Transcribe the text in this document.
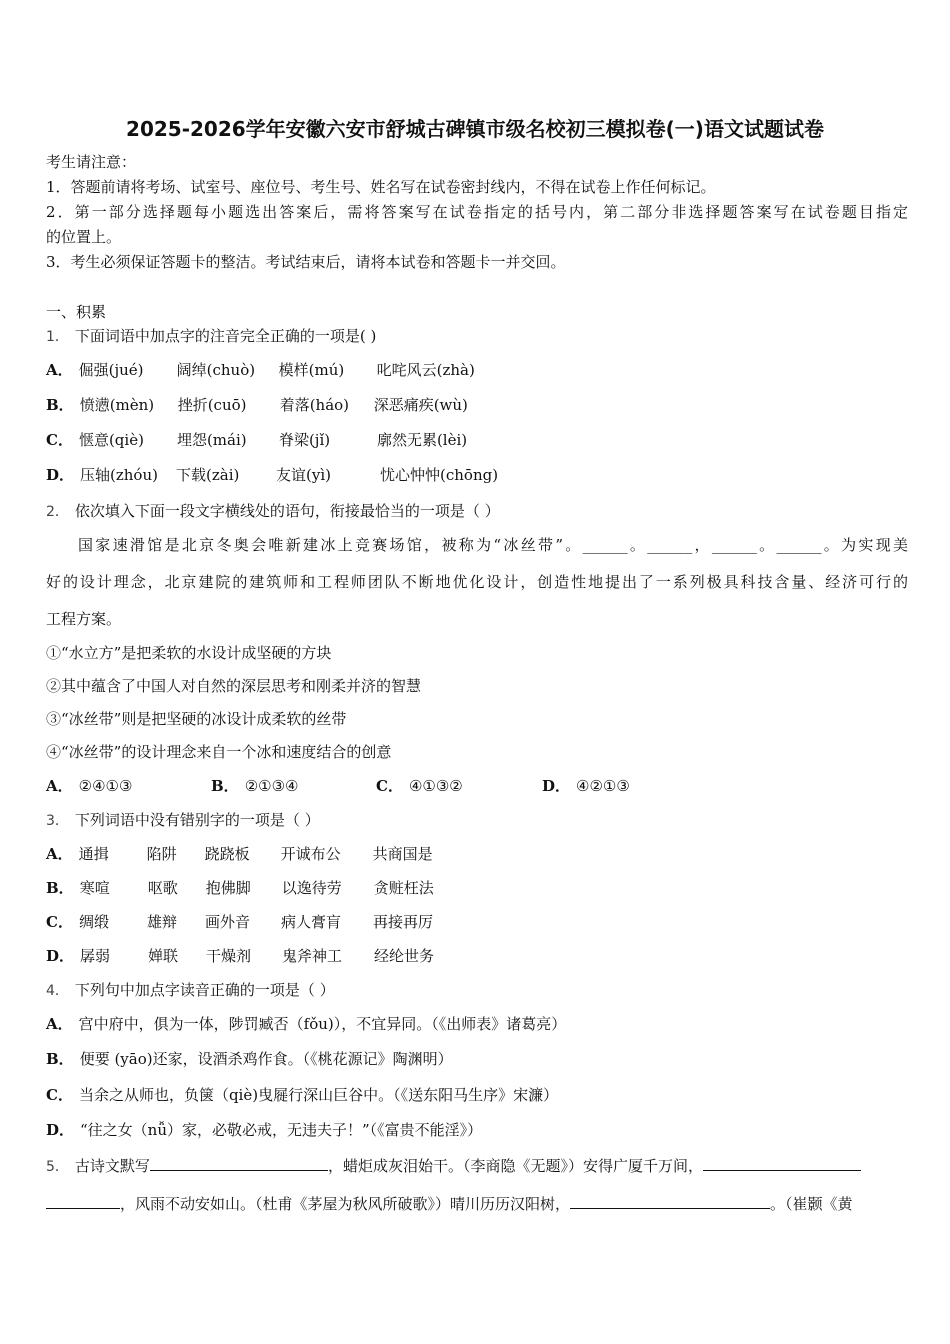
2025-2026学年安徽六安市舒城古碑镇市级名校初三模拟卷(一)语文试题试卷
考生请注意：
1．答题前请将考场、试室号、座位号、考生号、姓名写在试卷密封线内，不得在试卷上作任何标记。
2．第一部分选择题每小题选出答案后，需将答案写在试卷指定的括号内，第二部分非选择题答案写在试卷题目指定
的位置上。
3．考生必须保证答题卡的整洁。考试结束后，请将本试卷和答题卡一并交回。
一、积累
1． 下面词语中加点字的注音完全正确的一项是( )
A． 倔强(jué) 阔绰(chuò) 模样(mú) 叱咤风云(zhà)
B． 愤懑(mèn) 挫折(cuō) 着落(háo) 深恶痛疾(wù)
C． 惬意(qiè) 埋怨(mái) 脊梁(jǐ)	廓然无累(lèi)
D． 压轴(zhóu) 下载(zài) 友谊(yì)	忧心忡忡(chōng)
2． 依次填入下面一段文字横线处的语句，衔接最恰当的一项是（ ）
国家速滑馆是北京冬奥会唯新建冰上竞赛场馆，被称为“冰丝带”。______。______，______。______。为实现美
好的设计理念，北京建院的建筑师和工程师团队不断地优化设计，创造性地提出了一系列极具科技含量、经济可行的
工程方案。
①“水立方”是把柔软的水设计成坚硬的方块
②其中蕴含了中国人对自然的深层思考和刚柔并济的智慧
③“冰丝带”则是把坚硬的冰设计成柔软的丝带
④“冰丝带”的设计理念来自一个冰和速度结合的创意
A． ②④①③	B． ②①③④	C． ④①③②	D． ④②①③
3． 下列词语中没有错别字的一项是（ ）
A． 通揖	陷阱 跷跷板 开诚布公 共商国是
B． 寒喧	呕歌 抱佛脚 以逸待劳 贪赃枉法
C． 绸缎	雄辩 画外音 病人膏肓 再接再厉
D． 孱弱	婵联 干燥剂 鬼斧神工 经纶世务
4． 下列句中加点字读音正确的一项是（ ）
A． 宫中府中，俱为一体，陟罚臧否（fǒu)），不宜异同。（《出师表》诸葛亮）
B． 便要 (yāo)还家，设酒杀鸡作食。（《桃花源记》陶渊明）
C． 当余之从师也，负箧（qiè)曳屣行深山巨谷中。（《送东阳马生序》宋濂）
D． “往之女（nǚ）家，必敬必戒，无违夫子！”（《富贵不能淫》）
5． 古诗文默写	，蜡炬成灰泪始干。（李商隐《无题》）安得广厦千万间，
，风雨不动安如山。（杜甫《茅屋为秋风所破歌》）晴川历历汉阳树，	。（崔颢《黄
